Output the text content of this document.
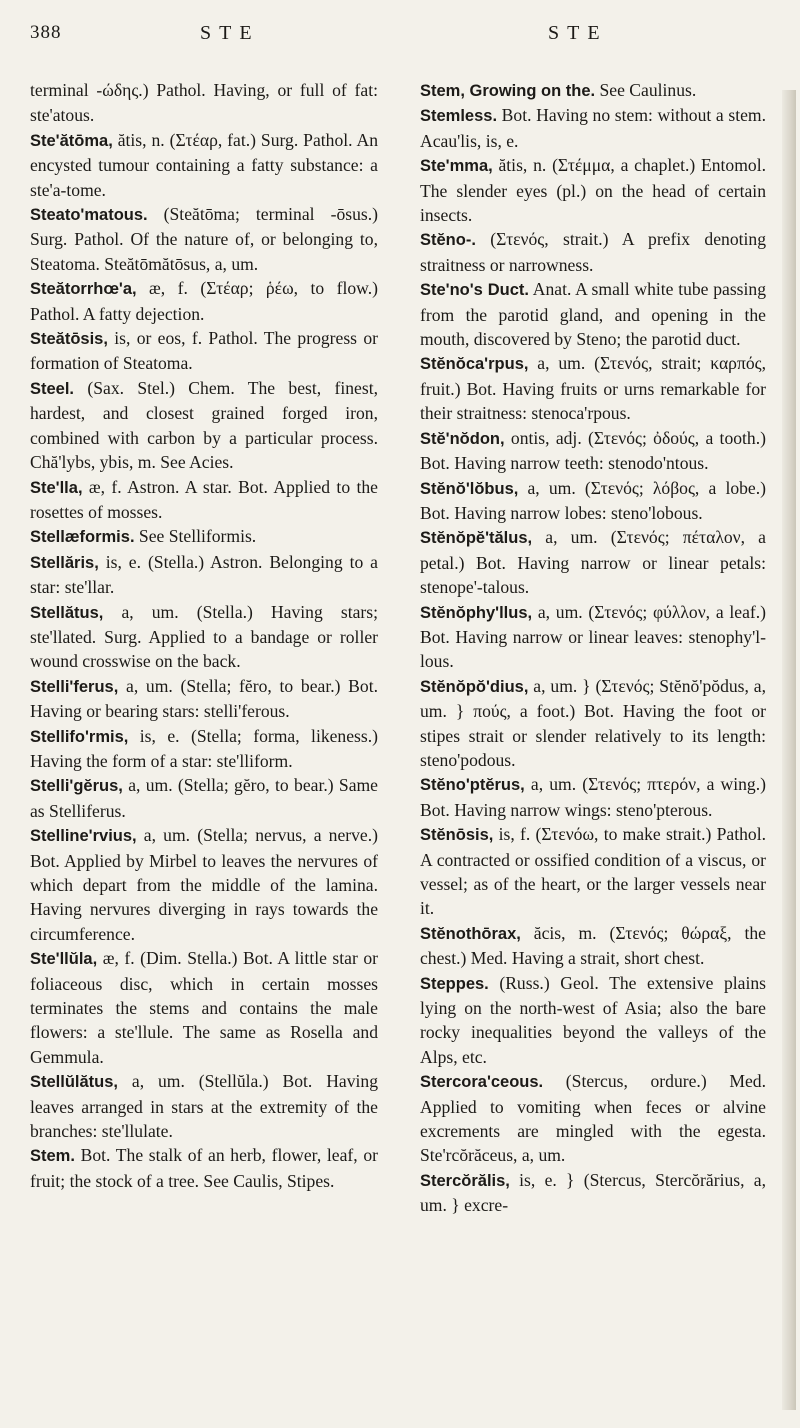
388	STE	STE

terminal -ώδης.) Pathol. Having, or full of fat: ste'atous.

Ste'ătōma, ătis, n. (Στέαρ, fat.) Surg. Pathol. An encysted tumour containing a fatty substance: a ste'a-tome.

Steato'matous. (Steătōma; terminal -ōsus.) Surg. Pathol. Of the nature of, or belonging to, Steatoma. Steătōmătōsus, a, um.

Steătorrhœ'a, æ, f. (Στέαρ; ῥέω, to flow.) Pathol. A fatty dejection.

Steătōsis, is, or eos, f. Pathol. The progress or formation of Steatoma.

Steel. (Sax. Stel.) Chem. The best, finest, hardest, and closest grained forged iron, combined with carbon by a particular process. Chă'lybs, ybis, m. See Acies.

Ste'lla, æ, f. Astron. A star. Bot. Applied to the rosettes of mosses.

Stellæformis. See Stelliformis.

Stellăris, is, e. (Stella.) Astron. Belonging to a star: ste'llar.

Stellătus, a, um. (Stella.) Having stars; ste'llated. Surg. Applied to a bandage or roller wound crosswise on the back.

Stelli'ferus, a, um. (Stella; fĕro, to bear.) Bot. Having or bearing stars: stelli'ferous.

Stellifo'rmis, is, e. (Stella; forma, likeness.) Having the form of a star: ste'lliform.

Stelli'gĕrus, a, um. (Stella; gĕro, to bear.) Same as Stelliferus.

Stelline'rvius, a, um. (Stella; nervus, a nerve.) Bot. Applied by Mirbel to leaves the nervures of which depart from the middle of the lamina. Having nervures diverging in rays towards the circumference.

Ste'llŭla, æ, f. (Dim. Stella.) Bot. A little star or foliaceous disc, which in certain mosses terminates the stems and contains the male flowers: a ste'llule. The same as Rosella and Gemmula.

Stellŭlătus, a, um. (Stellŭla.) Bot. Having leaves arranged in stars at the extremity of the branches: ste'llulate.

Stem. Bot. The stalk of an herb, flower, leaf, or fruit; the stock of a tree. See Caulis, Stipes.

Stem, Growing on the. See Caulinus.

Stemless. Bot. Having no stem: without a stem. Acau'lis, is, e.

Ste'mma, ătis, n. (Στέμμα, a chaplet.) Entomol. The slender eyes (pl.) on the head of certain insects.

Stĕno-. (Στενός, strait.) A prefix denoting straitness or narrowness.

Ste'no's Duct. Anat. A small white tube passing from the parotid gland, and opening in the mouth, discovered by Steno; the parotid duct.

Stĕnŏca'rpus, a, um. (Στενός, strait; καρπός, fruit.) Bot. Having fruits or urns remarkable for their straitness: stenoca'rpous.

Stĕ'nŏdon, ontis, adj. (Στενός; ὀδούς, a tooth.) Bot. Having narrow teeth: stenodo'ntous.

Stĕnŏ'lŏbus, a, um. (Στενός; λόβος, a lobe.) Bot. Having narrow lobes: steno'lobous.

Stĕnŏpĕ'tălus, a, um. (Στενός; πέταλον, a petal.) Bot. Having narrow or linear petals: stenope'-talous.

Stĕnŏphy'llus, a, um. (Στενός; φύλλον, a leaf.) Bot. Having narrow or linear leaves: stenophy'l-lous.

Stĕnŏpŏ'dius, a, um. } (Στενός; Stĕnŏ'pŏdus, a, um. } πούς, a foot.) Bot. Having the foot or stipes strait or slender relatively to its length: steno'podous.

Stĕno'ptĕrus, a, um. (Στενός; πτερόν, a wing.) Bot. Having narrow wings: steno'pterous.

Stĕnōsis, is, f. (Στενόω, to make strait.) Pathol. A contracted or ossified condition of a viscus, or vessel; as of the heart, or the larger vessels near it.

Stĕnothōrax, ăcis, m. (Στενός; θώραξ, the chest.) Med. Having a strait, short chest.

Steppes. (Russ.) Geol. The extensive plains lying on the north-west of Asia; also the bare rocky inequalities beyond the valleys of the Alps, etc.

Stercora'ceous. (Stercus, ordure.) Med. Applied to vomiting when feces or alvine excrements are mingled with the egesta. Ste'rcŏrăceus, a, um.

Stercŏrălis, is, e. } (Stercus, Stercŏrărius, a, um. } excre-
